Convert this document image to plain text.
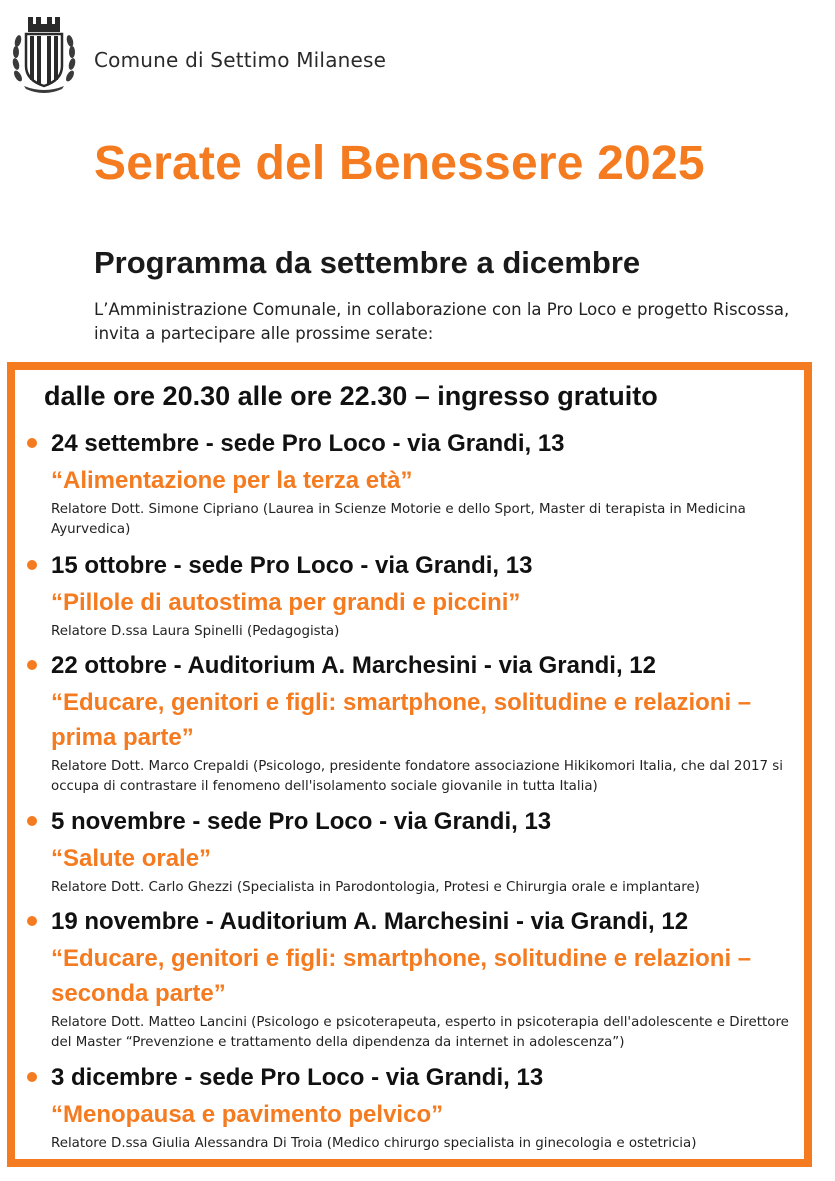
Comune di Settimo Milanese
Serate del Benessere 2025
Programma da settembre a dicembre
L’Amministrazione Comunale, in collaborazione con la Pro Loco e progetto Riscossa, invita a partecipare alle prossime serate:
dalle ore 20.30 alle ore 22.30 – ingresso gratuito
24 settembre - sede Pro Loco - via Grandi, 13
“Alimentazione per la terza età”
Relatore Dott. Simone Cipriano (Laurea in Scienze Motorie e dello Sport, Master di terapista in Medicina Ayurvedica)
15 ottobre - sede Pro Loco - via Grandi, 13
“Pillole di autostima per grandi e piccini”
Relatore D.ssa Laura Spinelli (Pedagogista)
22 ottobre - Auditorium A. Marchesini - via Grandi, 12
“Educare, genitori e figli: smartphone, solitudine e relazioni – prima parte”
Relatore Dott. Marco Crepaldi (Psicologo, presidente fondatore associazione Hikikomori Italia, che dal 2017 si occupa di contrastare il fenomeno dell'isolamento sociale giovanile in tutta Italia)
5 novembre - sede Pro Loco - via Grandi, 13
“Salute orale”
Relatore Dott. Carlo Ghezzi (Specialista in Parodontologia, Protesi e Chirurgia orale e implantare)
19 novembre - Auditorium A. Marchesini - via Grandi, 12
“Educare, genitori e figli: smartphone, solitudine e relazioni – seconda parte”
Relatore Dott. Matteo Lancini (Psicologo e psicoterapeuta, esperto in psicoterapia dell'adolescente e Direttore del Master “Prevenzione e trattamento della dipendenza da internet in adolescenza”)
3 dicembre - sede Pro Loco - via Grandi, 13
“Menopausa e pavimento pelvico”
Relatore D.ssa Giulia Alessandra Di Troia (Medico chirurgo specialista in ginecologia e ostetricia)
